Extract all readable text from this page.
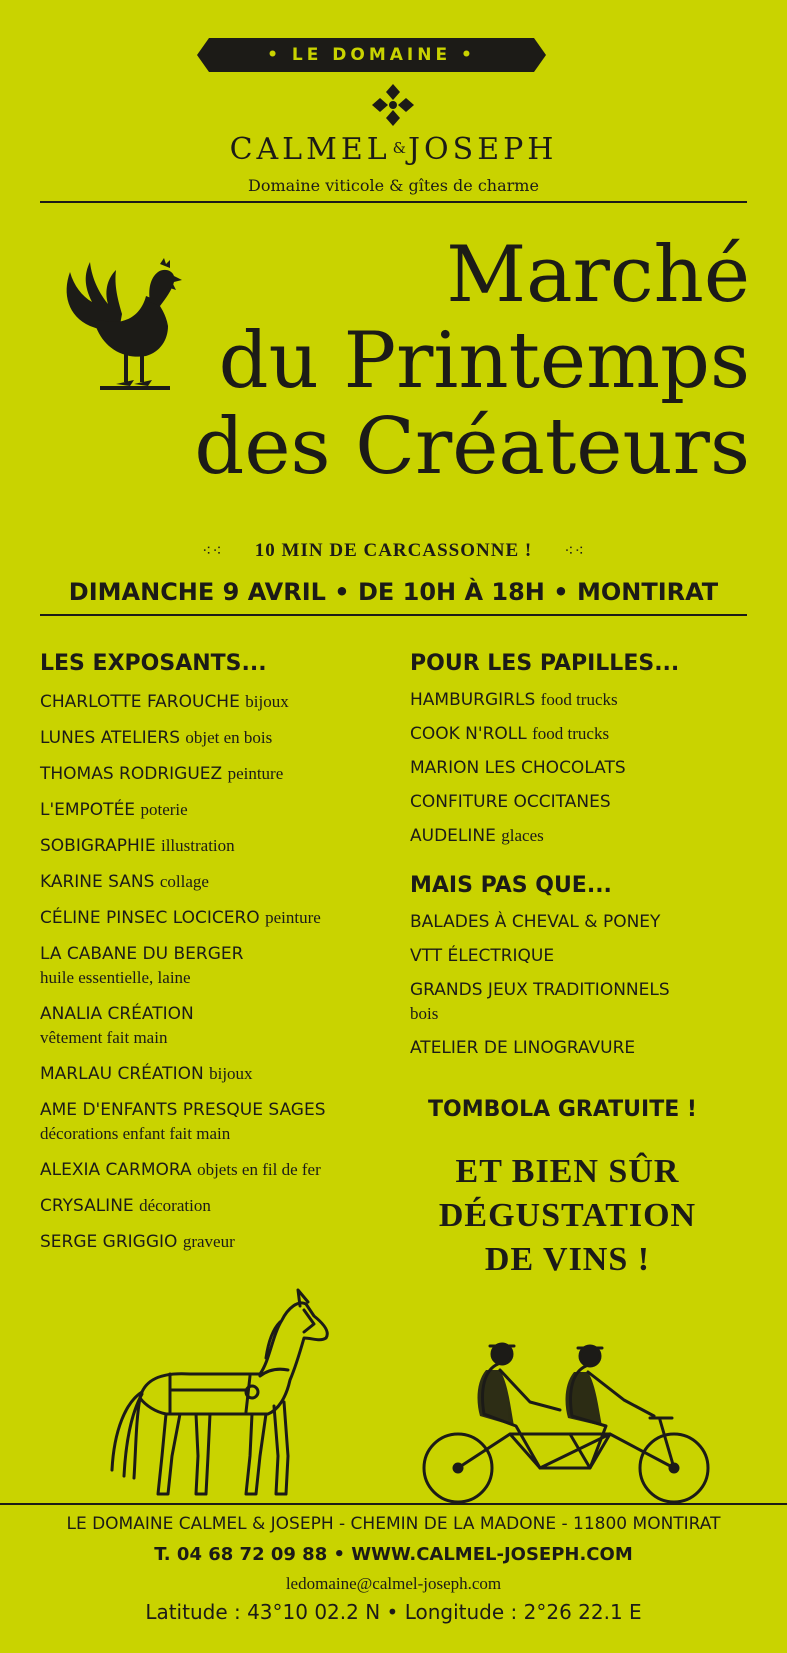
• LE DOMAINE •
CALMEL &JOSEPH
Domaine viticole & gîtes de charme
Marché
du Printemps
des Créateurs
⁖⁖ 10 MIN DE CARCASSONNE ! ⁖⁖
DIMANCHE 9 AVRIL • DE 10H À 18H • MONTIRAT
LES EXPOSANTS...
CHARLOTTE FAROUCHE bijoux
LUNES ATELIERS objet en bois
THOMAS RODRIGUEZ peinture
L'EMPOTÉE poterie
SOBIGRAPHIE illustration
KARINE SANS collage
CÉLINE PINSEC LOCICERO peinture
LA CABANE DU BERGER
huile essentielle, laine
ANALIA CRÉATION
vêtement fait main
MARLAU CRÉATION bijoux
AME D'ENFANTS PRESQUE SAGES
décorations enfant fait main
ALEXIA CARMORA objets en fil de fer
CRYSALINE décoration
SERGE GRIGGIO graveur
POUR LES PAPILLES...
HAMBURGIRLS food trucks
COOK N'ROLL food trucks
MARION LES CHOCOLATS
CONFITURE OCCITANES
AUDELINE glaces
MAIS PAS QUE...
BALADES À CHEVAL & PONEY
VTT ÉLECTRIQUE
GRANDS JEUX TRADITIONNELS
bois
ATELIER DE LINOGRAVURE
TOMBOLA GRATUITE !
ET BIEN SÛR
DÉGUSTATION
DE VINS !
LE DOMAINE CALMEL & JOSEPH - CHEMIN DE LA MADONE - 11800 MONTIRAT
T. 04 68 72 09 88 • WWW.CALMEL-JOSEPH.COM
ledomaine@calmel-joseph.com
Latitude : 43°10 02.2 N • Longitude : 2°26 22.1 E
